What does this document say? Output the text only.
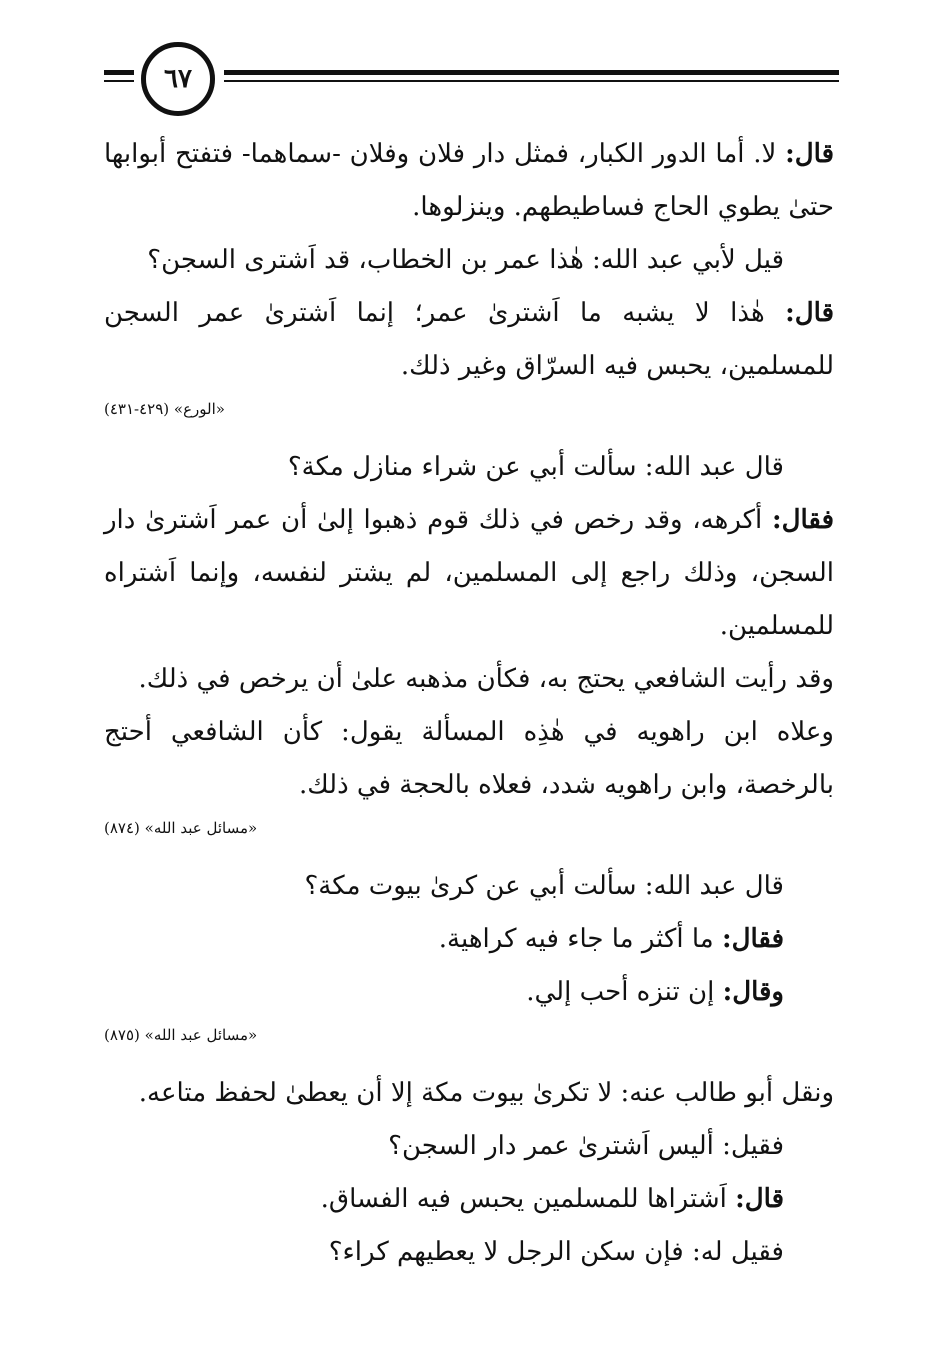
٦٧

قال: لا. أما الدور الكبار، فمثل دار فلان وفلان -سماهما- فتفتح أبوابها حتىٰ يطوي الحاج فساطيطهم. وينزلوها.

قيل لأبي عبد الله: هٰذا عمر بن الخطاب، قد اَشترى السجن؟

قال: هٰذا لا يشبه ما اَشترىٰ عمر؛ إنما اَشترىٰ عمر السجن للمسلمين، يحبس فيه السرّاق وغير ذلك.

«الورع» (٤٢٩-٤٣١)

قال عبد الله: سألت أبي عن شراء منازل مكة؟

فقال: أكرهه، وقد رخص في ذلك قوم ذهبوا إلىٰ أن عمر اَشترىٰ دار السجن، وذلك راجع إلى المسلمين، لم يشتر لنفسه، وإنما اَشتراه للمسلمين.

وقد رأيت الشافعي يحتج به، فكأن مذهبه علىٰ أن يرخص في ذلك.

وعلاه ابن راهويه في هٰذِه المسألة يقول: كأن الشافعي أحتج بالرخصة، وابن راهويه شدد، فعلاه بالحجة في ذلك.

«مسائل عبد الله» (٨٧٤)

قال عبد الله: سألت أبي عن كرىٰ بيوت مكة؟

فقال: ما أكثر ما جاء فيه كراهية.

وقال: إن تنزه أحب إلي.

«مسائل عبد الله» (٨٧٥)

ونقل أبو طالب عنه: لا تكرىٰ بيوت مكة إلا أن يعطىٰ لحفظ متاعه.

فقيل: أليس اَشترىٰ عمر دار السجن؟

قال: اَشتراها للمسلمين يحبس فيه الفساق.

فقيل له: فإن سكن الرجل لا يعطيهم كراء؟
